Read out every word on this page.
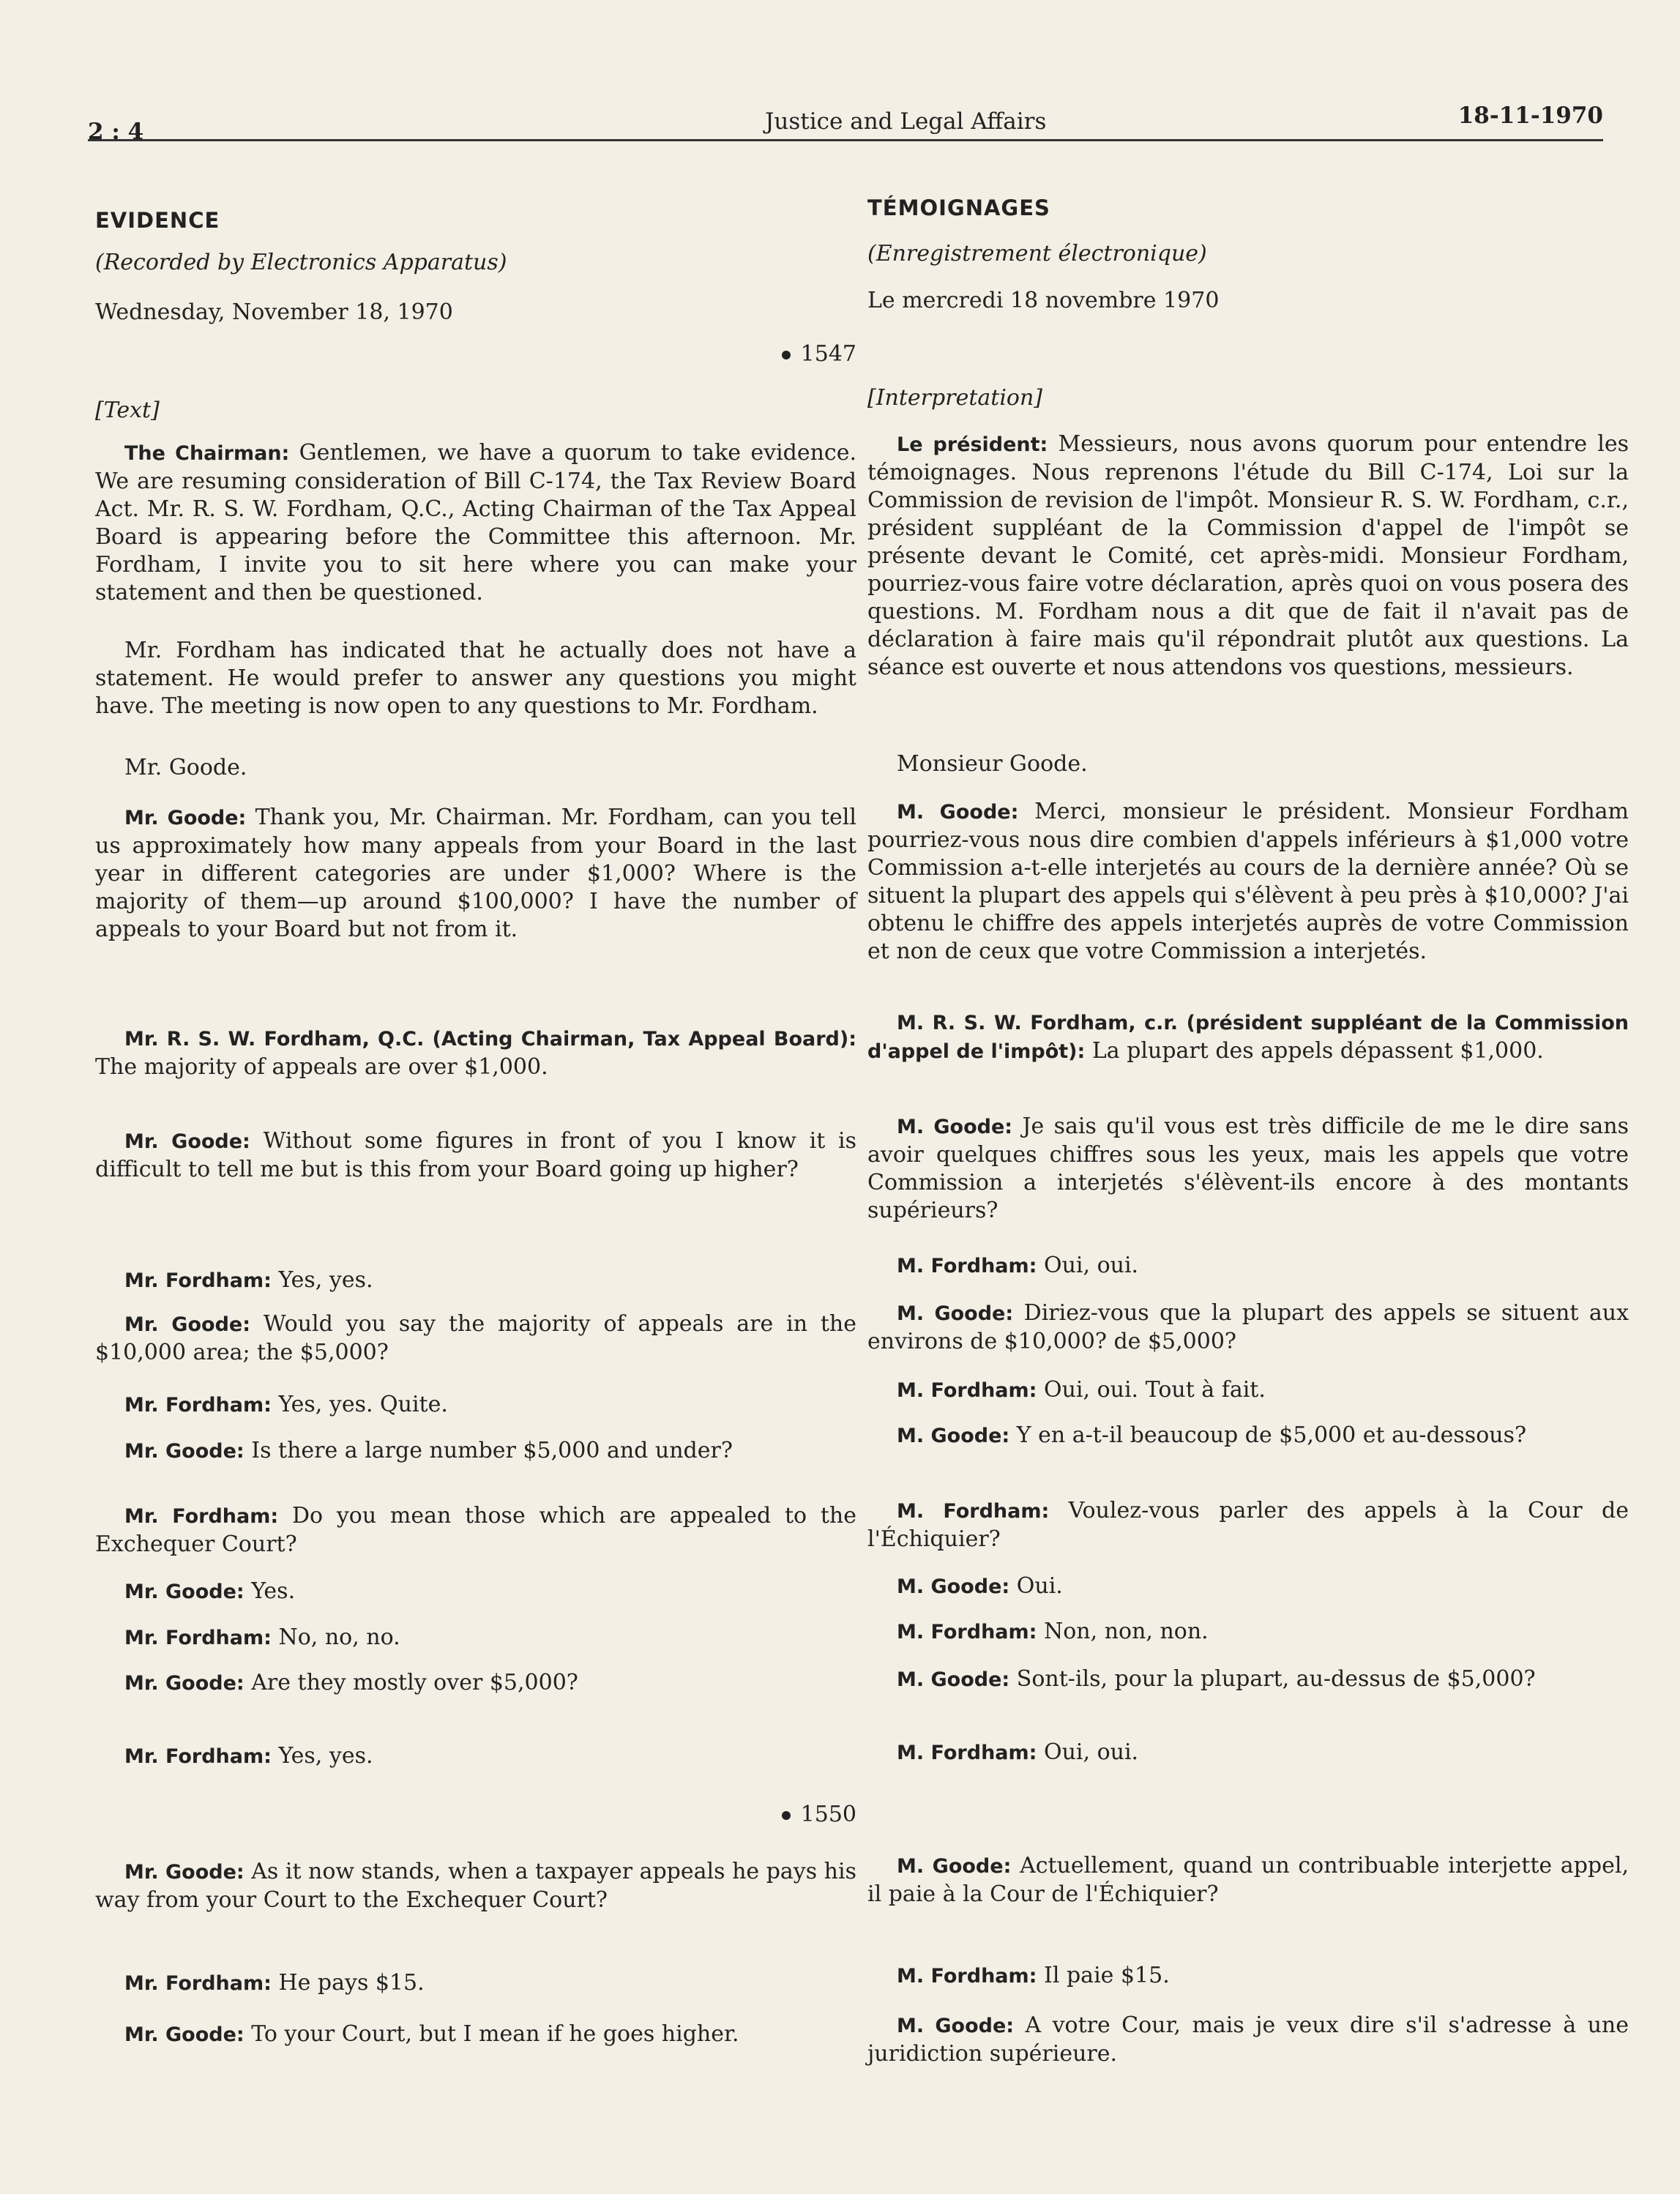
2 : 4	Justice and Legal Affairs	18-11-1970
EVIDENCE
(Recorded by Electronics Apparatus)
Wednesday, November 18, 1970
1547
[Text]
The Chairman: Gentlemen, we have a quorum to take evidence. We are resuming consideration of Bill C-174, the Tax Review Board Act. Mr. R. S. W. Fordham, Q.C., Acting Chairman of the Tax Appeal Board is appearing before the Committee this afternoon. Mr. Fordham, I invite you to sit here where you can make your statement and then be questioned.
Mr. Fordham has indicated that he actually does not have a statement. He would prefer to answer any questions you might have. The meeting is now open to any questions to Mr. Fordham.
Mr. Goode.
Mr. Goode: Thank you, Mr. Chairman. Mr. Fordham, can you tell us approximately how many appeals from your Board in the last year in different categories are under $1,000? Where is the majority of them—up around $100,000? I have the number of appeals to your Board but not from it.
Mr. R. S. W. Fordham, Q.C. (Acting Chairman, Tax Appeal Board): The majority of appeals are over $1,000.
Mr. Goode: Without some figures in front of you I know it is difficult to tell me but is this from your Board going up higher?
Mr. Fordham: Yes, yes.
Mr. Goode: Would you say the majority of appeals are in the $10,000 area; the $5,000?
Mr. Fordham: Yes, yes. Quite.
Mr. Goode: Is there a large number $5,000 and under?
Mr. Fordham: Do you mean those which are appealed to the Exchequer Court?
Mr. Goode: Yes.
Mr. Fordham: No, no, no.
Mr. Goode: Are they mostly over $5,000?
Mr. Fordham: Yes, yes.
1550
Mr. Goode: As it now stands, when a taxpayer appeals he pays his way from your Court to the Exchequer Court?
Mr. Fordham: He pays $15.
Mr. Goode: To your Court, but I mean if he goes higher.
TÉMOIGNAGES
(Enregistrement électronique)
Le mercredi 18 novembre 1970
[Interpretation]
Le président: Messieurs, nous avons quorum pour entendre les témoignages. Nous reprenons l'étude du Bill C-174, Loi sur la Commission de revision de l'impôt. Monsieur R. S. W. Fordham, c.r., président suppléant de la Commission d'appel de l'impôt se présente devant le Comité, cet après-midi. Monsieur Fordham, pourriez-vous faire votre déclaration, après quoi on vous posera des questions. M. Fordham nous a dit que de fait il n'avait pas de déclaration à faire mais qu'il répondrait plutôt aux questions. La séance est ouverte et nous attendons vos questions, messieurs.
Monsieur Goode.
M. Goode: Merci, monsieur le président. Monsieur Fordham pourriez-vous nous dire combien d'appels inférieurs à $1,000 votre Commission a-t-elle interjetés au cours de la dernière année? Où se situent la plupart des appels qui s'élèvent à peu près à $10,000? J'ai obtenu le chiffre des appels interjetés auprès de votre Commission et non de ceux que votre Commission a interjetés.
M. R. S. W. Fordham, c.r. (président suppléant de la Commission d'appel de l'impôt): La plupart des appels dépassent $1,000.
M. Goode: Je sais qu'il vous est très difficile de me le dire sans avoir quelques chiffres sous les yeux, mais les appels que votre Commission a interjetés s'élèvent-ils encore à des montants supérieurs?
M. Fordham: Oui, oui.
M. Goode: Diriez-vous que la plupart des appels se situent aux environs de $10,000? de $5,000?
M. Fordham: Oui, oui. Tout à fait.
M. Goode: Y en a-t-il beaucoup de $5,000 et au-dessous?
M. Fordham: Voulez-vous parler des appels à la Cour de l'Échiquier?
M. Goode: Oui.
M. Fordham: Non, non, non.
M. Goode: Sont-ils, pour la plupart, au-dessus de $5,000?
M. Fordham: Oui, oui.
M. Goode: Actuellement, quand un contribuable interjette appel, il paie à la Cour de l'Échiquier?
M. Fordham: Il paie $15.
M. Goode: A votre Cour, mais je veux dire s'il s'adresse à une juridiction supérieure.
